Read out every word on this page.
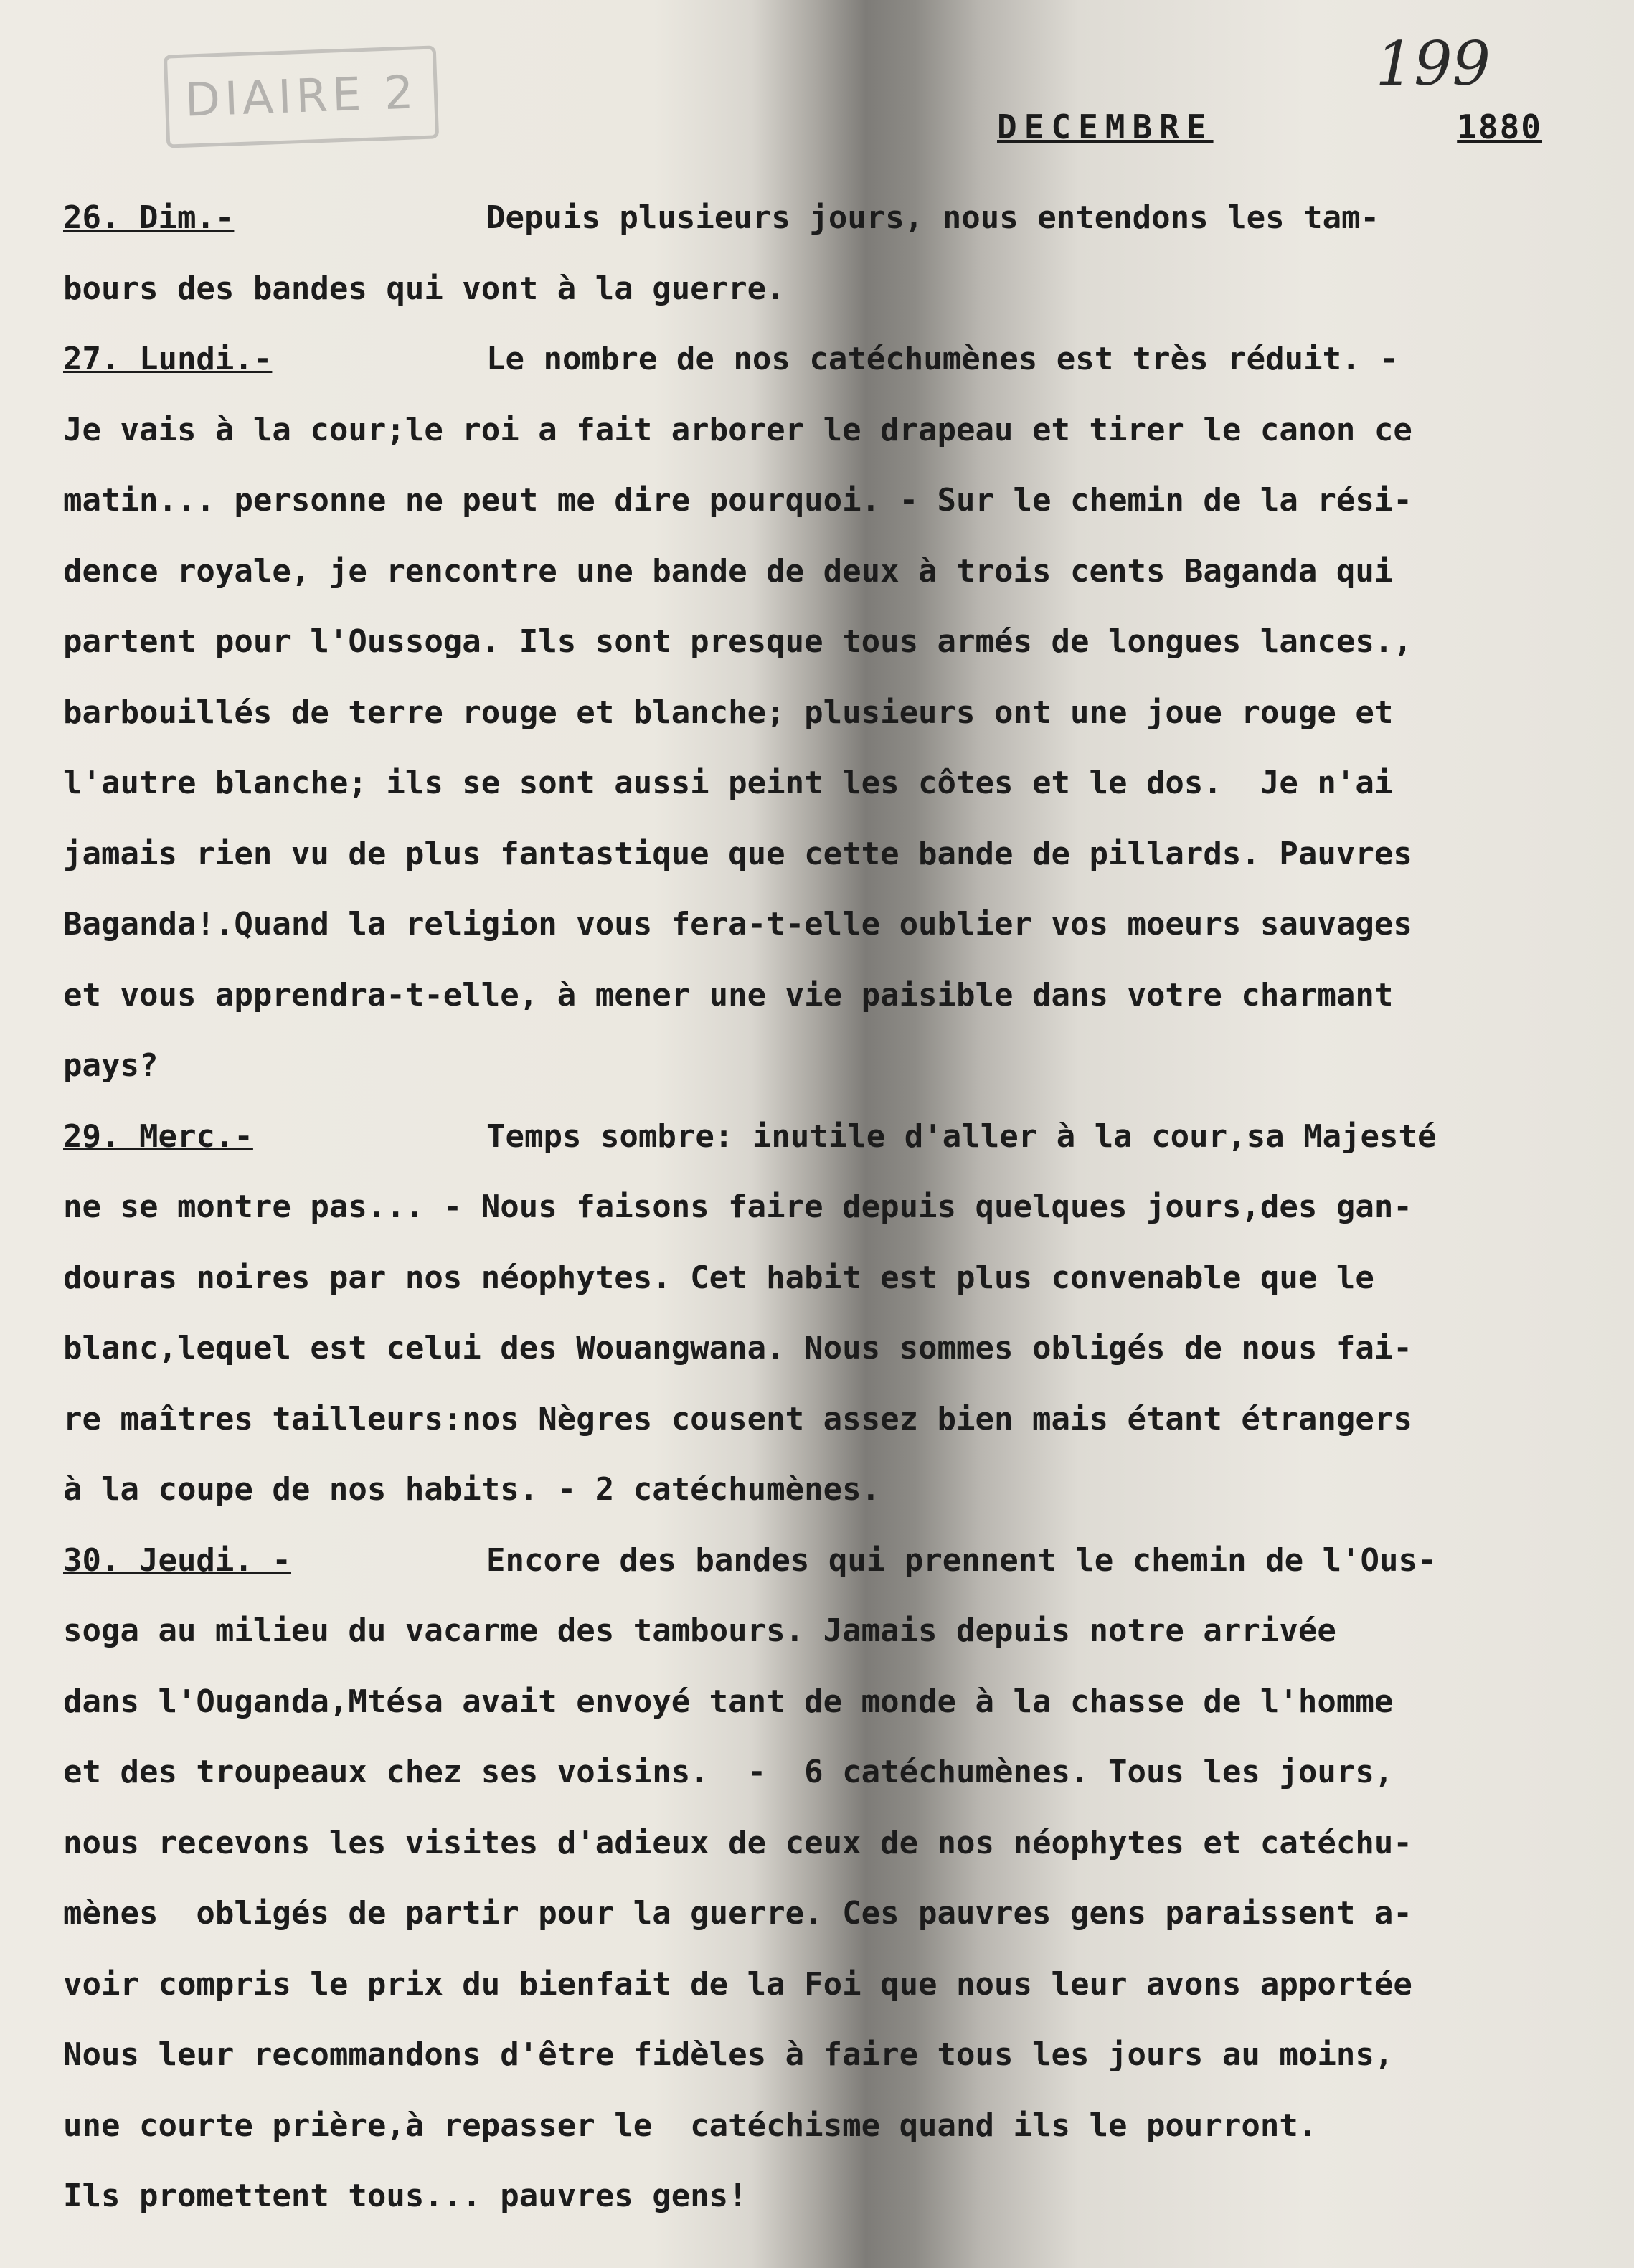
DIAIRE 2	199
DECEMBRE	1880
26. Dim.-	Depuis plusieurs jours, nous entendons les tam-
bours des bandes qui vont à la guerre.
27. Lundi.-	Le nombre de nos catéchumènes est très réduit. -
Je vais à la cour;le roi a fait arborer le drapeau et tirer le canon ce
matin... personne ne peut me dire pourquoi. - Sur le chemin de la rési-
dence royale, je rencontre une bande de deux à trois cents Baganda qui
partent pour l'Oussoga. Ils sont presque tous armés de longues lances.,
barbouillés de terre rouge et blanche; plusieurs ont une joue rouge et
l'autre blanche; ils se sont aussi peint les côtes et le dos.  Je n'ai
jamais rien vu de plus fantastique que cette bande de pillards. Pauvres
Baganda!.Quand la religion vous fera-t-elle oublier vos moeurs sauvages
et vous apprendra-t-elle, à mener une vie paisible dans votre charmant
pays?
29. Merc.-	Temps sombre: inutile d'aller à la cour,sa Majesté
ne se montre pas... - Nous faisons faire depuis quelques jours,des gan-
douras noires par nos néophytes. Cet habit est plus convenable que le
blanc,lequel est celui des Wouangwana. Nous sommes obligés de nous fai-
re maîtres tailleurs:nos Nègres cousent assez bien mais étant étrangers
à la coupe de nos habits. - 2 catéchumènes.
30. Jeudi. -	Encore des bandes qui prennent le chemin de l'Ous-
soga au milieu du vacarme des tambours. Jamais depuis notre arrivée
dans l'Ouganda,Mtésa avait envoyé tant de monde à la chasse de l'homme
et des troupeaux chez ses voisins.  -  6 catéchumènes. Tous les jours,
nous recevons les visites d'adieux de ceux de nos néophytes et catéchu-
mènes  obligés de partir pour la guerre. Ces pauvres gens paraissent a-
voir compris le prix du bienfait de la Foi que nous leur avons apportée
Nous leur recommandons d'être fidèles à faire tous les jours au moins,
une courte prière,à repasser le  catéchisme quand ils le pourront.
Ils promettent tous... pauvres gens!
